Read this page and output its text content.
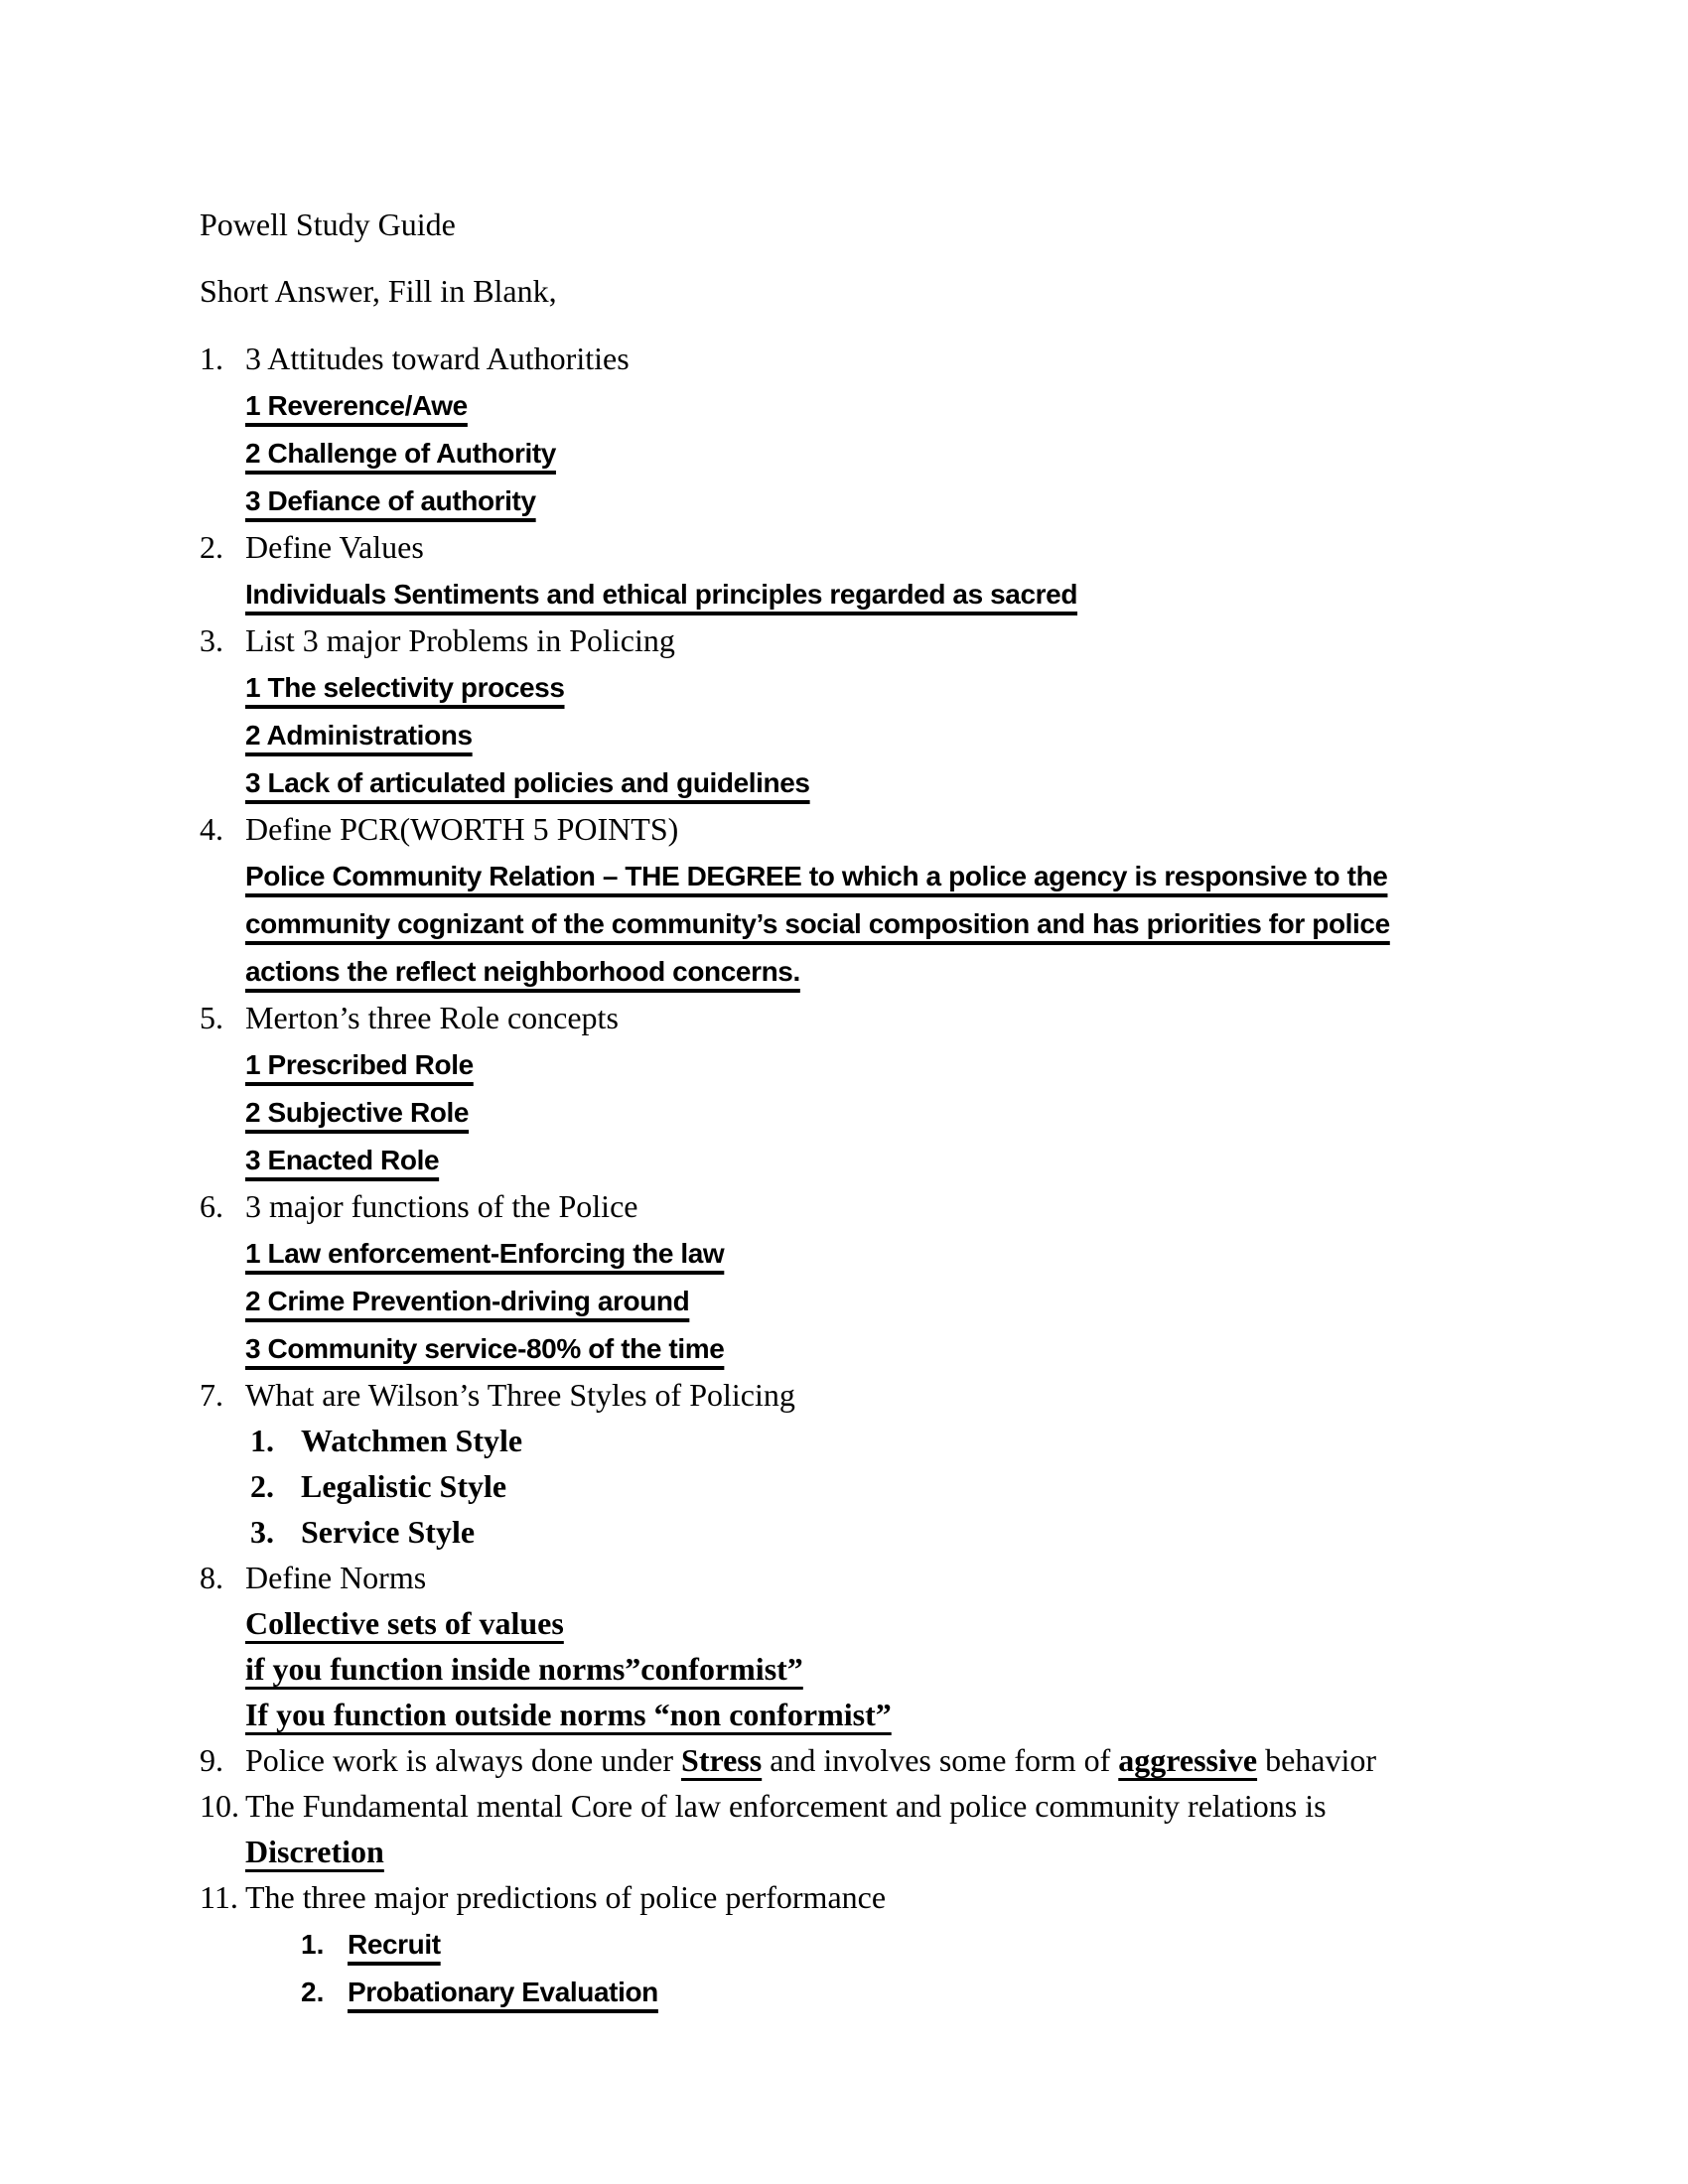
Powell Study Guide

Short Answer, Fill in Blank,

1. 3 Attitudes toward Authorities
1 Reverence/Awe
2 Challenge of Authority
3 Defiance of authority
2. Define Values
Individuals Sentiments and ethical principles regarded as sacred
3. List 3 major Problems in Policing
1 The selectivity process
2 Administrations
3 Lack of articulated policies and guidelines
4. Define PCR(WORTH 5 POINTS)
Police Community Relation – THE DEGREE to which a police agency is responsive to the
community cognizant of the community’s social composition and has priorities for police
actions the reflect neighborhood concerns.
5. Merton’s three Role concepts
1 Prescribed Role
2 Subjective Role
3 Enacted Role
6. 3 major functions of the Police
1 Law enforcement-Enforcing the law
2 Crime Prevention-driving around
3 Community service-80% of the time
7. What are Wilson’s Three Styles of Policing
1. Watchmen Style
2. Legalistic Style
3. Service Style
8. Define Norms
Collective sets of values
if you function inside norms”conformist”
If you function outside norms “non conformist”
9. Police work is always done under Stress and involves some form of aggressive behavior
10. The Fundamental mental Core of law enforcement and police community relations is
Discretion
11. The three major predictions of police performance
1. Recruit
2. Probationary Evaluation
